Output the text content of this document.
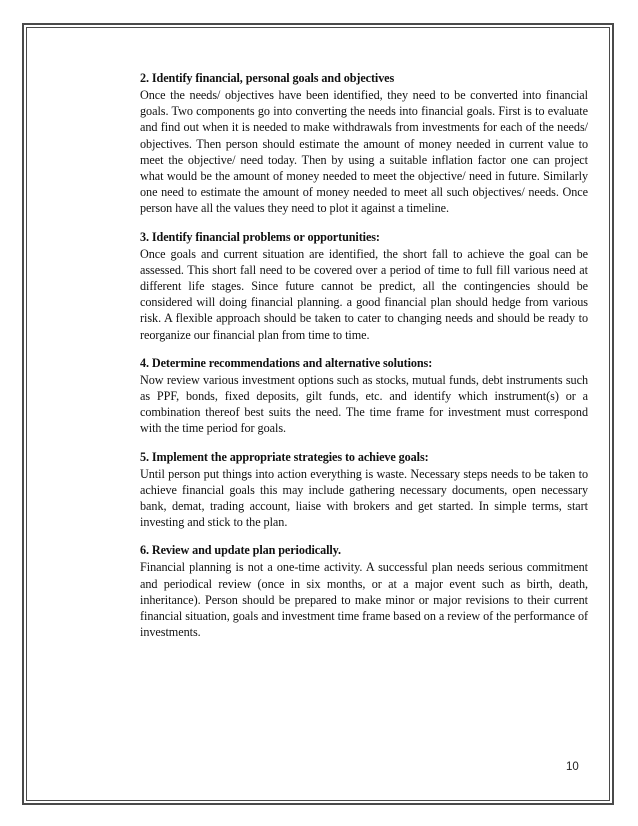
2. Identify financial, personal goals and objectives

Once the needs/ objectives have been identified, they need to be converted into financial goals. Two components go into converting the needs into financial goals. First is to evaluate and find out when it is needed to make withdrawals from investments for each of the needs/ objectives. Then person should estimate the amount of money needed in current value to meet the objective/ need today. Then by using a suitable inflation factor one can project what would be the amount of money needed to meet the objective/ need in future. Similarly one need to estimate the amount of money needed to meet all such objectives/ needs. Once person have all the values they need to plot it against a timeline.

3. Identify financial problems or opportunities:

Once goals and current situation are identified, the short fall to achieve the goal can be assessed. This short fall need to be covered over a period of time to full fill various need at different life stages. Since future cannot be predict, all the contingencies should be considered will doing financial planning. a good financial plan should hedge from various risk. A flexible approach should be taken to cater to changing needs and should be ready to reorganize our financial plan from time to time.

4. Determine recommendations and alternative solutions:

Now review various investment options such as stocks, mutual funds, debt instruments such as PPF, bonds, fixed deposits, gilt funds, etc. and identify which instrument(s) or a combination thereof best suits the need. The time frame for investment must correspond with the time period for goals.

5. Implement the appropriate strategies to achieve goals:

Until person put things into action everything is waste. Necessary steps needs to be taken to achieve financial goals this may include gathering necessary documents, open necessary bank, demat, trading account, liaise with brokers and get started. In simple terms, start investing and stick to the plan.

6. Review and update plan periodically.

Financial planning is not a one-time activity. A successful plan needs serious commitment and periodical review (once in six months, or at a major event such as birth, death, inheritance). Person should be prepared to make minor or major revisions to their current financial situation, goals and investment time frame based on a review of the performance of investments.

10
